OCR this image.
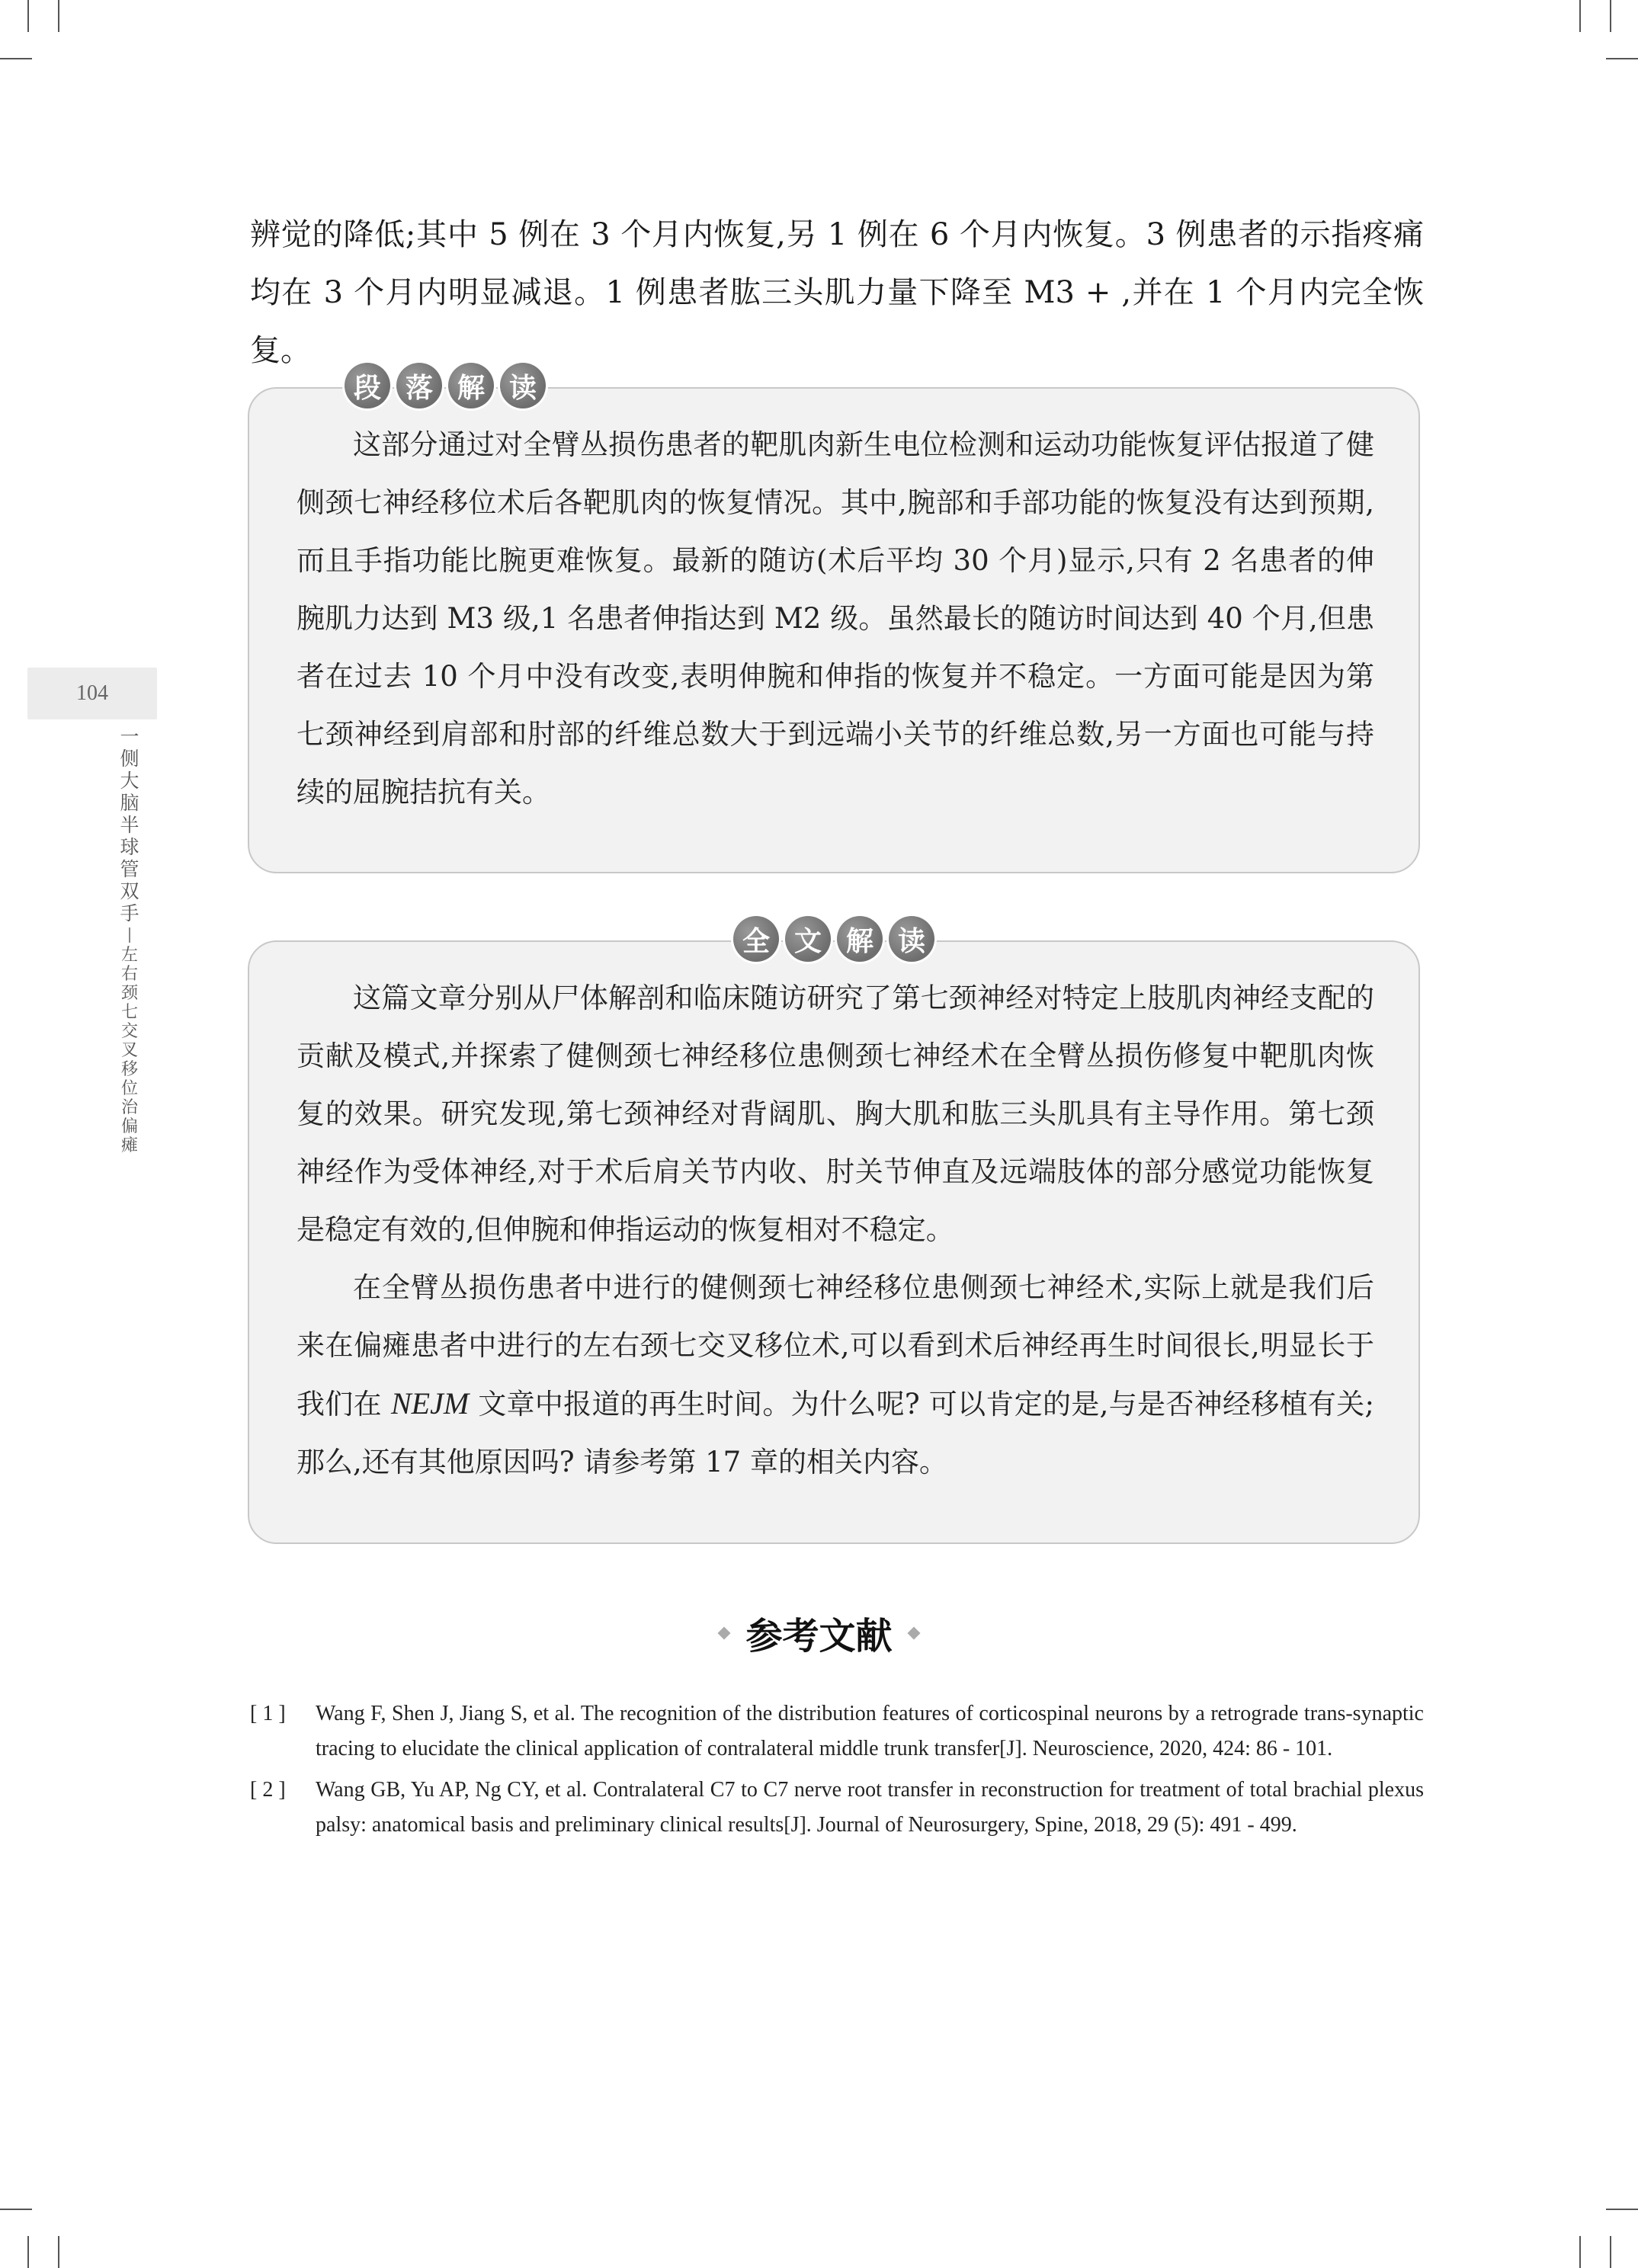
104
一
侧
大
脑
半
球
管
双
手
左
右
颈
七
交
叉
移
位
治
偏
瘫

辨觉的降低;其中 5 例在 3 个月内恢复,另 1 例在 6 个月内恢复。3 例患者的示指疼痛均在 3 个月内明显减退。1 例患者肱三头肌力量下降至 M3 + ,并在 1 个月内完全恢复。

段 落 解 读

这部分通过对全臂丛损伤患者的靶肌肉新生电位检测和运动功能恢复评估报道了健侧颈七神经移位术后各靶肌肉的恢复情况。其中,腕部和手部功能的恢复没有达到预期,而且手指功能比腕更难恢复。最新的随访(术后平均 30 个月)显示,只有 2 名患者的伸腕肌力达到 M3 级,1 名患者伸指达到 M2 级。虽然最长的随访时间达到 40 个月,但患者在过去 10 个月中没有改变,表明伸腕和伸指的恢复并不稳定。一方面可能是因为第七颈神经到肩部和肘部的纤维总数大于到远端小关节的纤维总数,另一方面也可能与持续的屈腕拮抗有关。

全 文 解 读

这篇文章分别从尸体解剖和临床随访研究了第七颈神经对特定上肢肌肉神经支配的贡献及模式,并探索了健侧颈七神经移位患侧颈七神经术在全臂丛损伤修复中靶肌肉恢复的效果。研究发现,第七颈神经对背阔肌、胸大肌和肱三头肌具有主导作用。第七颈神经作为受体神经,对于术后肩关节内收、肘关节伸直及远端肢体的部分感觉功能恢复是稳定有效的,但伸腕和伸指运动的恢复相对不稳定。

在全臂丛损伤患者中进行的健侧颈七神经移位患侧颈七神经术,实际上就是我们后来在偏瘫患者中进行的左右颈七交叉移位术,可以看到术后神经再生时间很长,明显长于我们在 NEJM 文章中报道的再生时间。为什么呢? 可以肯定的是,与是否神经移植有关;那么,还有其他原因吗? 请参考第 17 章的相关内容。

参考文献
[ 1 ]	Wang F, Shen J, Jiang S, et al. The recognition of the distribution features of corticospinal neurons by a retrograde trans-synaptic tracing to elucidate the clinical application of contralateral middle trunk transfer[J]. Neuroscience, 2020, 424: 86 - 101.
[ 2 ]	Wang GB, Yu AP, Ng CY, et al. Contralateral C7 to C7 nerve root transfer in reconstruction for treatment of total brachial plexus palsy: anatomical basis and preliminary clinical results[J]. Journal of Neurosurgery, Spine, 2018, 29 (5): 491 - 499.
